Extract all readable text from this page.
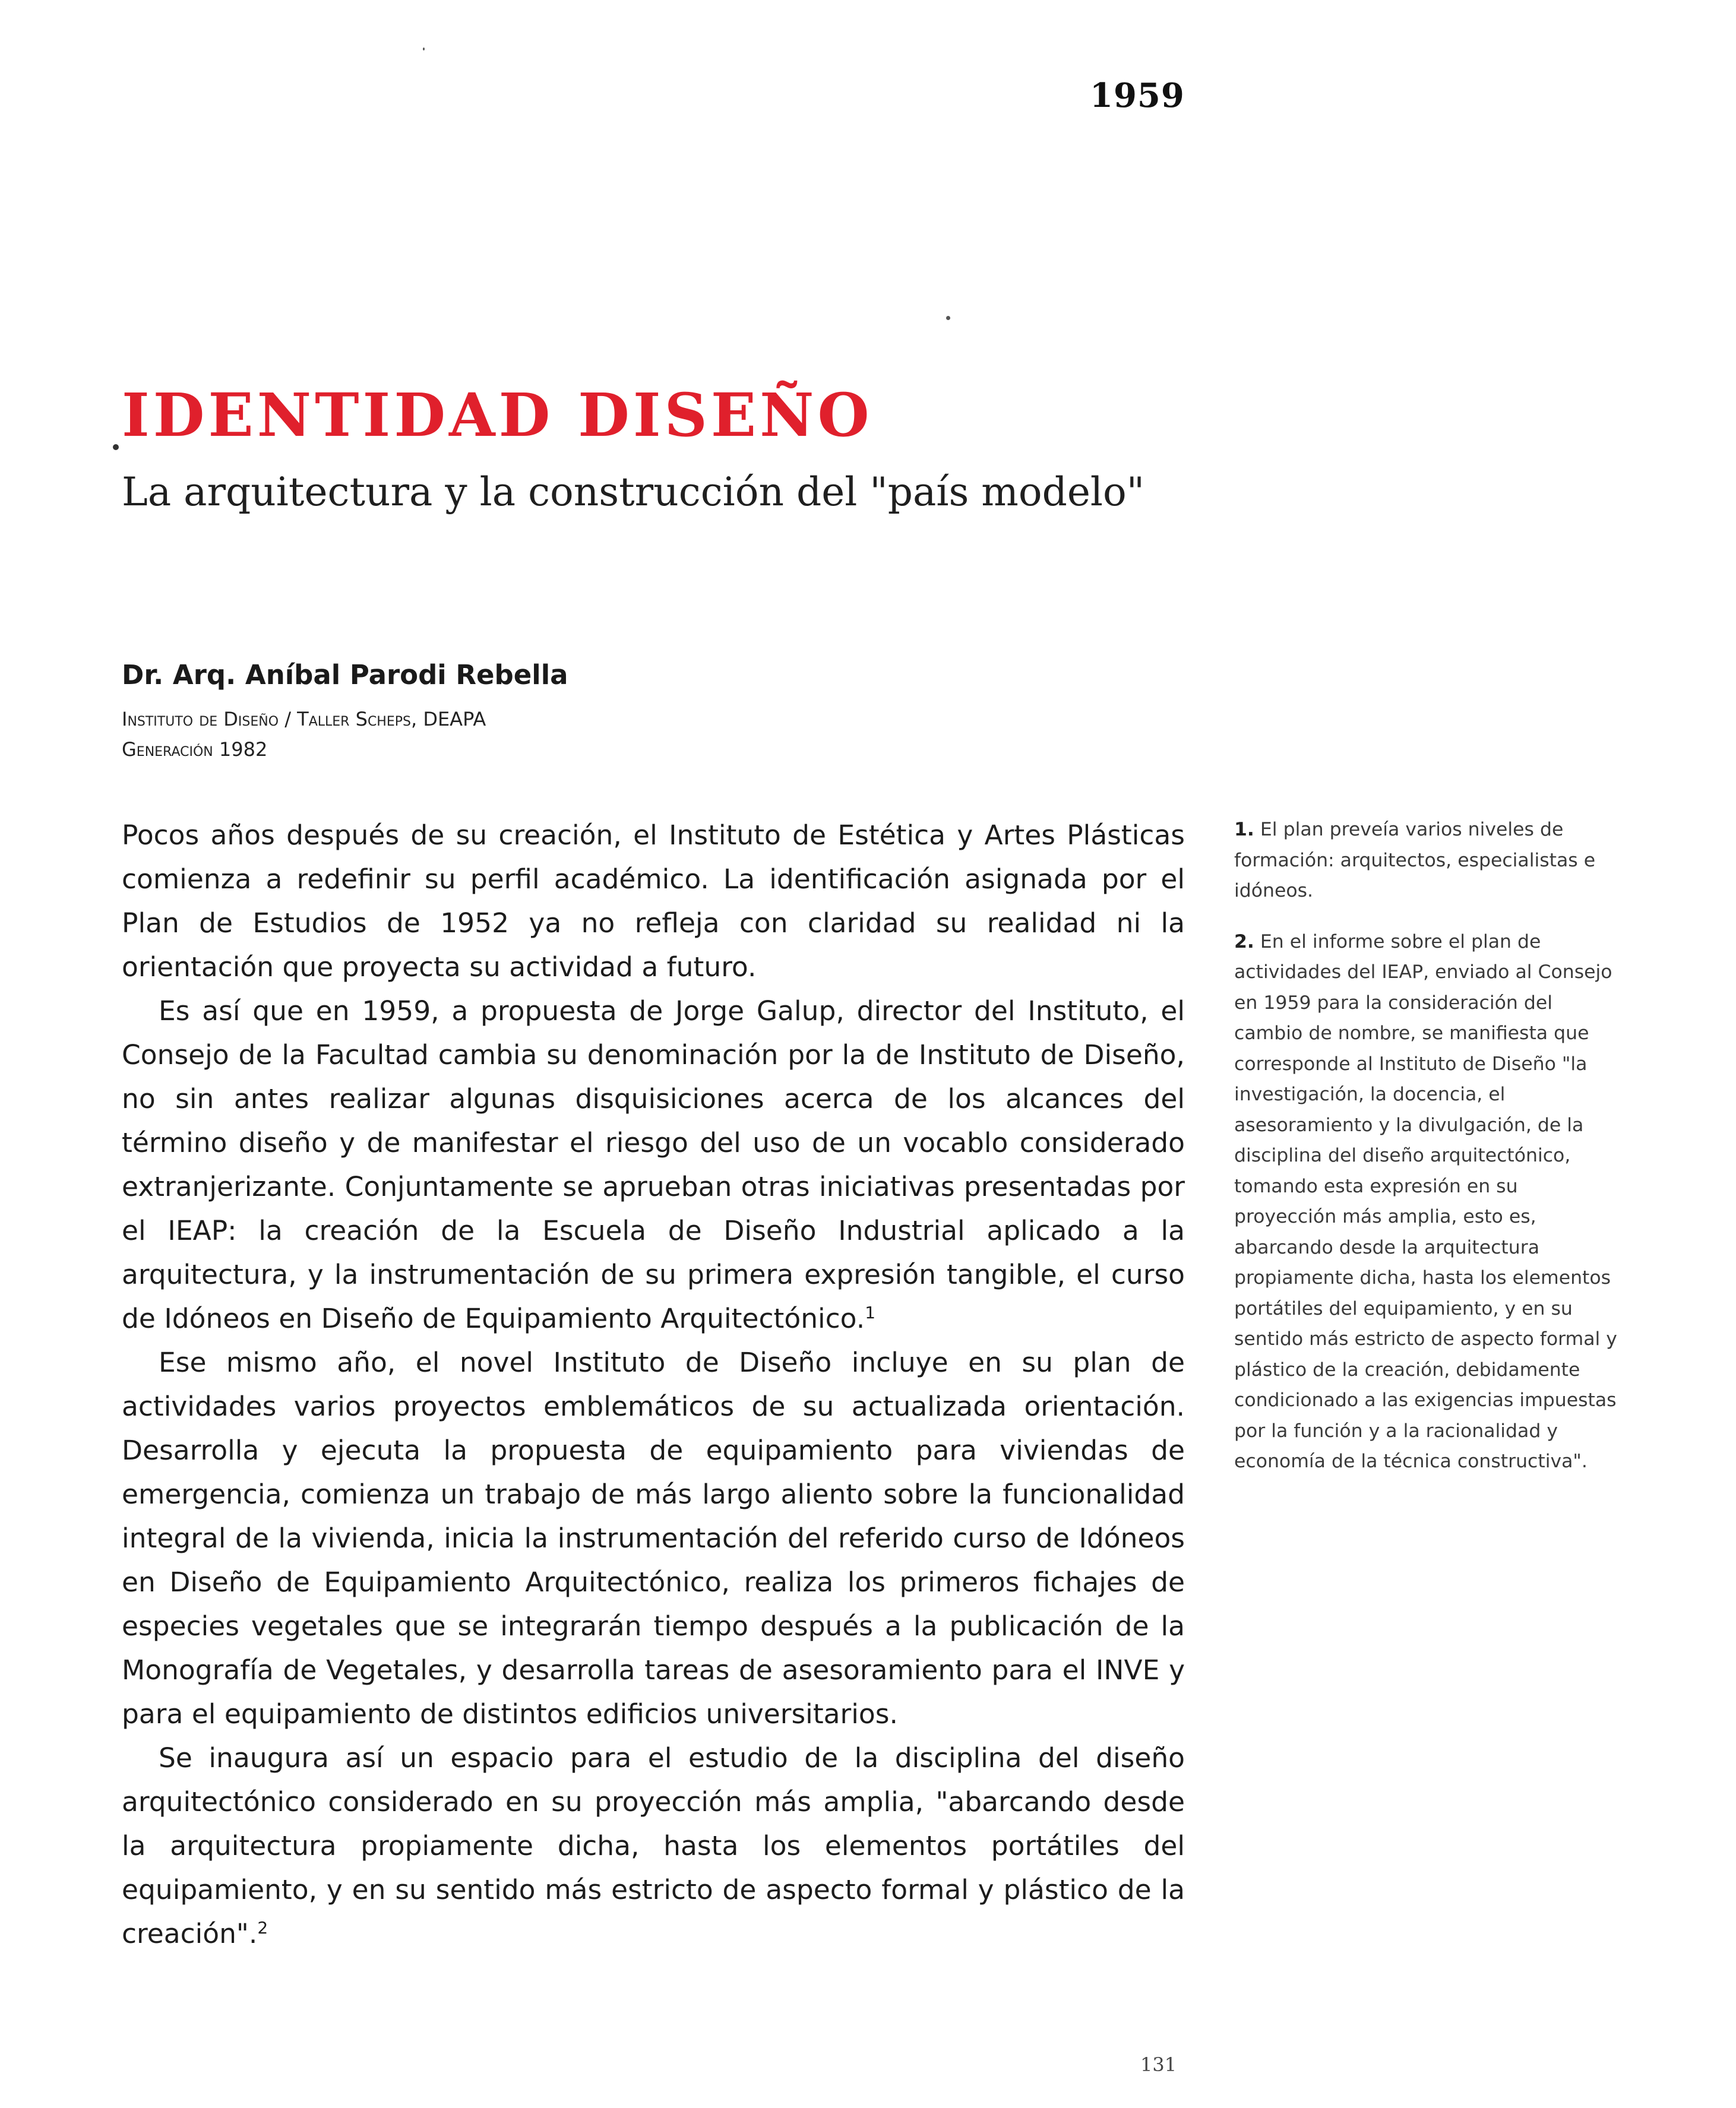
1959
IDENTIDAD DISEÑO
La arquitectura y la construcción del "país modelo"
Dr. Arq. Aníbal Parodi Rebella
Instituto de Diseño / Taller Scheps, DEAPA
Generación 1982

Pocos años después de su creación, el Instituto de Estética y Artes Plásticas comienza a redefinir su perfil académico. La identificación asignada por el Plan de Estudios de 1952 ya no refleja con claridad su realidad ni la orientación que proyecta su actividad a futuro.

Es así que en 1959, a propuesta de Jorge Galup, director del Instituto, el Consejo de la Facultad cambia su denominación por la de Instituto de Diseño, no sin antes realizar algunas disquisiciones acerca de los alcances del término diseño y de manifestar el riesgo del uso de un vocablo considerado extranjerizante. Conjuntamente se aprueban otras iniciativas presentadas por el IEAP: la creación de la Escuela de Diseño Industrial aplicado a la arquitectura, y la instrumentación de su primera expresión tangible, el curso de Idóneos en Diseño de Equipamiento Arquitectónico.$^1$

Ese mismo año, el novel Instituto de Diseño incluye en su plan de actividades varios proyectos emblemáticos de su actualizada orientación. Desarrolla y ejecuta la propuesta de equipamiento para viviendas de emergencia, comienza un trabajo de más largo aliento sobre la funcionalidad integral de la vivienda, inicia la instrumentación del referido curso de Idóneos en Diseño de Equipamiento Arquitectónico, realiza los primeros fichajes de especies vegetales que se integrarán tiempo después a la publicación de la Monografía de Vegetales, y desarrolla tareas de asesoramiento para el INVE y para el equipamiento de distintos edificios universitarios.

Se inaugura así un espacio para el estudio de la disciplina del diseño arquitectónico considerado en su proyección más amplia, "abarcando desde la arquitectura propiamente dicha, hasta los elementos portátiles del equipamiento, y en su sentido más estricto de aspecto formal y plástico de la creación".$^2$

1. El plan preveía varios niveles de formación: arquitectos, especialistas e idóneos.

2. En el informe sobre el plan de actividades del IEAP, enviado al Consejo en 1959 para la consideración del cambio de nombre, se manifiesta que corresponde al Instituto de Diseño "la investigación, la docencia, el asesoramiento y la divulgación, de la disciplina del diseño arquitectónico, tomando esta expresión en su proyección más amplia, esto es, abarcando desde la arquitectura propiamente dicha, hasta los elementos portátiles del equipamiento, y en su sentido más estricto de aspecto formal y plástico de la creación, debidamente condicionado a las exigencias impuestas por la función y a la racionalidad y economía de la técnica constructiva".

131
